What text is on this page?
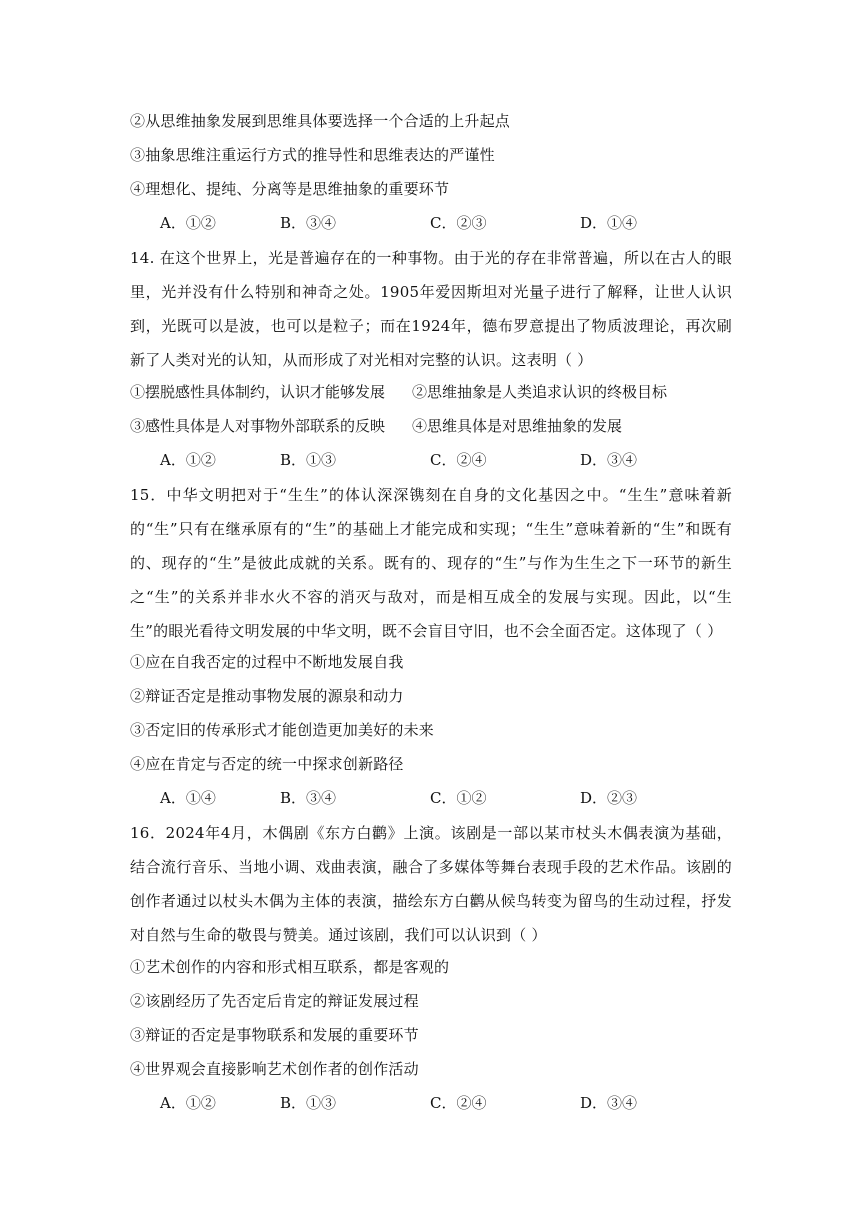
②从思维抽象发展到思维具体要选择一个合适的上升起点
③抽象思维注重运行方式的推导性和思维表达的严谨性
④理想化、提纯、分离等是思维抽象的重要环节
A．①②	B．③④	C．②③	D．①④
14. 在这个世界上，光是普遍存在的一种事物。由于光的存在非常普遍，所以在古人的眼里，光并没有什么特别和神奇之处。1905年爱因斯坦对光量子进行了解释，让世人认识到，光既可以是波，也可以是粒子；而在1924年，德布罗意提出了物质波理论，再次刷新了人类对光的认知，从而形成了对光相对完整的认识。这表明（ ）
①摆脱感性具体制约，认识才能够发展 ②思维抽象是人类追求认识的终极目标
③感性具体是人对事物外部联系的反映 ④思维具体是对思维抽象的发展
A．①②	B．①③	C．②④	D．③④
15．中华文明把对于“生生”的体认深深镌刻在自身的文化基因之中。“生生”意味着新的“生”只有在继承原有的“生”的基础上才能完成和实现；“生生”意味着新的“生”和既有的、现存的“生”是彼此成就的关系。既有的、现存的“生”与作为生生之下一环节的新生之“生”的关系并非水火不容的消灭与敌对，而是相互成全的发展与实现。因此，以“生生”的眼光看待文明发展的中华文明，既不会盲目守旧，也不会全面否定。这体现了（ ）
①应在自我否定的过程中不断地发展自我
②辩证否定是推动事物发展的源泉和动力
③否定旧的传承形式才能创造更加美好的未来
④应在肯定与否定的统一中探求创新路径
A．①④	B．③④	C．①②	D．②③
16．2024年4月，木偶剧《东方白鹳》上演。该剧是一部以某市杖头木偶表演为基础，结合流行音乐、当地小调、戏曲表演，融合了多媒体等舞台表现手段的艺术作品。该剧的创作者通过以杖头木偶为主体的表演，描绘东方白鹳从候鸟转变为留鸟的生动过程，抒发对自然与生命的敬畏与赞美。通过该剧，我们可以认识到（ ）
①艺术创作的内容和形式相互联系，都是客观的
②该剧经历了先否定后肯定的辩证发展过程
③辩证的否定是事物联系和发展的重要环节
④世界观会直接影响艺术创作者的创作活动
A．①②	B．①③	C．②④	D．③④
